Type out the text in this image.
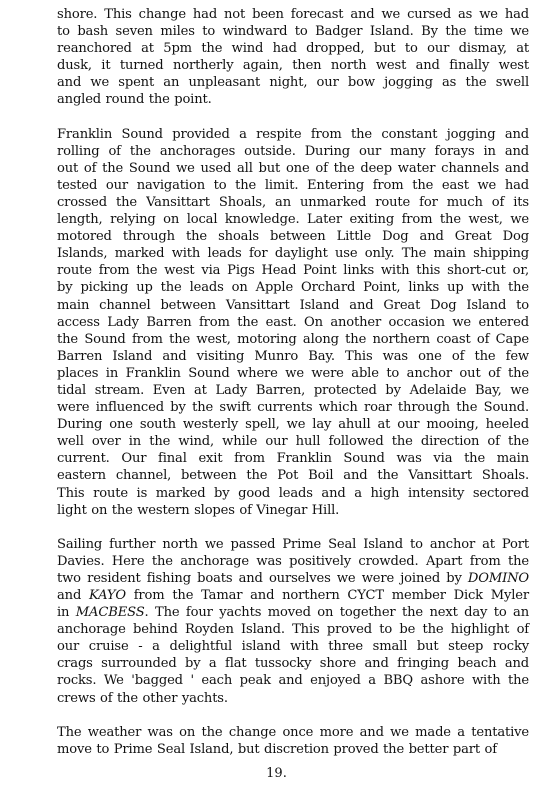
shore. This change had not been forecast and we cursed as we had
to bash seven miles to windward to Badger Island. By the time we
reanchored at 5pm the wind had dropped, but to our dismay, at
dusk, it turned northerly again, then north west and finally west
and we spent an unpleasant night, our bow jogging as the swell
angled round the point.

Franklin Sound provided a respite from the constant jogging and
rolling of the anchorages outside. During our many forays in and
out of the Sound we used all but one of the deep water channels and
tested our navigation to the limit. Entering from the east we had
crossed the Vansittart Shoals, an unmarked route for much of its
length, relying on local knowledge. Later exiting from the west, we
motored through the shoals between Little Dog and Great Dog
Islands, marked with leads for daylight use only. The main shipping
route from the west via Pigs Head Point links with this short-cut or,
by picking up the leads on Apple Orchard Point, links up with the
main channel between Vansittart Island and Great Dog Island to
access Lady Barren from the east. On another occasion we entered
the Sound from the west, motoring along the northern coast of Cape
Barren Island and visiting Munro Bay. This was one of the few
places in Franklin Sound where we were able to anchor out of the
tidal stream. Even at Lady Barren, protected by Adelaide Bay, we
were influenced by the swift currents which roar through the Sound.
During one south westerly spell, we lay ahull at our mooing, heeled
well over in the wind, while our hull followed the direction of the
current. Our final exit from Franklin Sound was via the main
eastern channel, between the Pot Boil and the Vansittart Shoals.
This route is marked by good leads and a high intensity sectored
light on the western slopes of Vinegar Hill.

Sailing further north we passed Prime Seal Island to anchor at Port
Davies. Here the anchorage was positively crowded. Apart from the
two resident fishing boats and ourselves we were joined by DOMINO
and KAYO from the Tamar and northern CYCT member Dick Myler
in MACBESS. The four yachts moved on together the next day to an
anchorage behind Royden Island. This proved to be the highlight of
our cruise - a delightful island with three small but steep rocky
crags surrounded by a flat tussocky shore and fringing beach and
rocks. We 'bagged ' each peak and enjoyed a BBQ ashore with the
crews of the other yachts.

The weather was on the change once more and we made a tentative
move to Prime Seal Island, but discretion proved the better part of

19.
